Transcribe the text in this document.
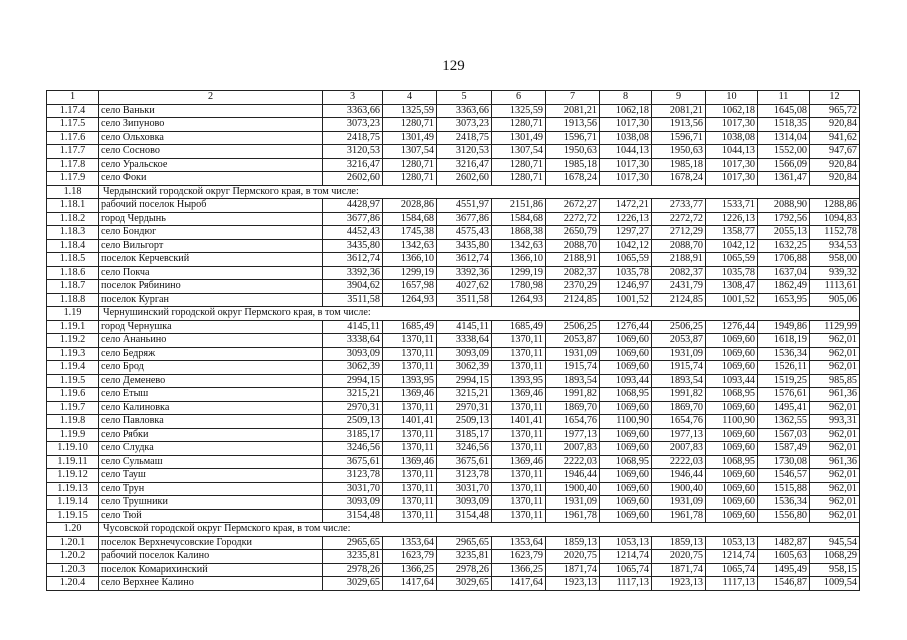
129
1	2	3	4	5	6	7	8	9	10	11	12
1.17.4	село Ваньки	3363,66	1325,59	3363,66	1325,59	2081,21	1062,18	2081,21	1062,18	1645,08	965,72
1.17.5	село Зипуново	3073,23	1280,71	3073,23	1280,71	1913,56	1017,30	1913,56	1017,30	1518,35	920,84
1.17.6	село Ольховка	2418,75	1301,49	2418,75	1301,49	1596,71	1038,08	1596,71	1038,08	1314,04	941,62
1.17.7	село Сосново	3120,53	1307,54	3120,53	1307,54	1950,63	1044,13	1950,63	1044,13	1552,00	947,67
1.17.8	село Уральское	3216,47	1280,71	3216,47	1280,71	1985,18	1017,30	1985,18	1017,30	1566,09	920,84
1.17.9	село Фоки	2602,60	1280,71	2602,60	1280,71	1678,24	1017,30	1678,24	1017,30	1361,47	920,84
1.18	Чердынский городской округ Пермского края, в том числе:										
1.18.1	рабочий поселок Ныроб	4428,97	2028,86	4551,97	2151,86	2672,27	1472,21	2733,77	1533,71	2088,90	1288,86
1.18.2	город Чердынь	3677,86	1584,68	3677,86	1584,68	2272,72	1226,13	2272,72	1226,13	1792,56	1094,83
1.18.3	село Бондюг	4452,43	1745,38	4575,43	1868,38	2650,79	1297,27	2712,29	1358,77	2055,13	1152,78
1.18.4	село Вильгорт	3435,80	1342,63	3435,80	1342,63	2088,70	1042,12	2088,70	1042,12	1632,25	934,53
1.18.5	поселок Керчевский	3612,74	1366,10	3612,74	1366,10	2188,91	1065,59	2188,91	1065,59	1706,88	958,00
1.18.6	село Покча	3392,36	1299,19	3392,36	1299,19	2082,37	1035,78	2082,37	1035,78	1637,04	939,32
1.18.7	поселок Рябинино	3904,62	1657,98	4027,62	1780,98	2370,29	1246,97	2431,79	1308,47	1862,49	1113,61
1.18.8	поселок Курган	3511,58	1264,93	3511,58	1264,93	2124,85	1001,52	2124,85	1001,52	1653,95	905,06
1.19	Чернушинский городской округ Пермского края, в том числе:										
1.19.1	город Чернушка	4145,11	1685,49	4145,11	1685,49	2506,25	1276,44	2506,25	1276,44	1949,86	1129,99
1.19.2	село Ананьино	3338,64	1370,11	3338,64	1370,11	2053,87	1069,60	2053,87	1069,60	1618,19	962,01
1.19.3	село Бедряж	3093,09	1370,11	3093,09	1370,11	1931,09	1069,60	1931,09	1069,60	1536,34	962,01
1.19.4	село Брод	3062,39	1370,11	3062,39	1370,11	1915,74	1069,60	1915,74	1069,60	1526,11	962,01
1.19.5	село Деменево	2994,15	1393,95	2994,15	1393,95	1893,54	1093,44	1893,54	1093,44	1519,25	985,85
1.19.6	село Етыш	3215,21	1369,46	3215,21	1369,46	1991,82	1068,95	1991,82	1068,95	1576,61	961,36
1.19.7	село Калиновка	2970,31	1370,11	2970,31	1370,11	1869,70	1069,60	1869,70	1069,60	1495,41	962,01
1.19.8	село Павловка	2509,13	1401,41	2509,13	1401,41	1654,76	1100,90	1654,76	1100,90	1362,55	993,31
1.19.9	село Рябки	3185,17	1370,11	3185,17	1370,11	1977,13	1069,60	1977,13	1069,60	1567,03	962,01
1.19.10	село Слудка	3246,56	1370,11	3246,56	1370,11	2007,83	1069,60	2007,83	1069,60	1587,49	962,01
1.19.11	село Сульмаш	3675,61	1369,46	3675,61	1369,46	2222,03	1068,95	2222,03	1068,95	1730,08	961,36
1.19.12	село Тауш	3123,78	1370,11	3123,78	1370,11	1946,44	1069,60	1946,44	1069,60	1546,57	962,01
1.19.13	село Трун	3031,70	1370,11	3031,70	1370,11	1900,40	1069,60	1900,40	1069,60	1515,88	962,01
1.19.14	село Трушники	3093,09	1370,11	3093,09	1370,11	1931,09	1069,60	1931,09	1069,60	1536,34	962,01
1.19.15	село Тюй	3154,48	1370,11	3154,48	1370,11	1961,78	1069,60	1961,78	1069,60	1556,80	962,01
1.20	Чусовской городской округ Пермского края, в том числе:										
1.20.1	поселок Верхнечусовские Городки	2965,65	1353,64	2965,65	1353,64	1859,13	1053,13	1859,13	1053,13	1482,87	945,54
1.20.2	рабочий поселок Калино	3235,81	1623,79	3235,81	1623,79	2020,75	1214,74	2020,75	1214,74	1605,63	1068,29
1.20.3	поселок Комарихинский	2978,26	1366,25	2978,26	1366,25	1871,74	1065,74	1871,74	1065,74	1495,49	958,15
1.20.4	село Верхнее Калино	3029,65	1417,64	3029,65	1417,64	1923,13	1117,13	1923,13	1117,13	1546,87	1009,54
